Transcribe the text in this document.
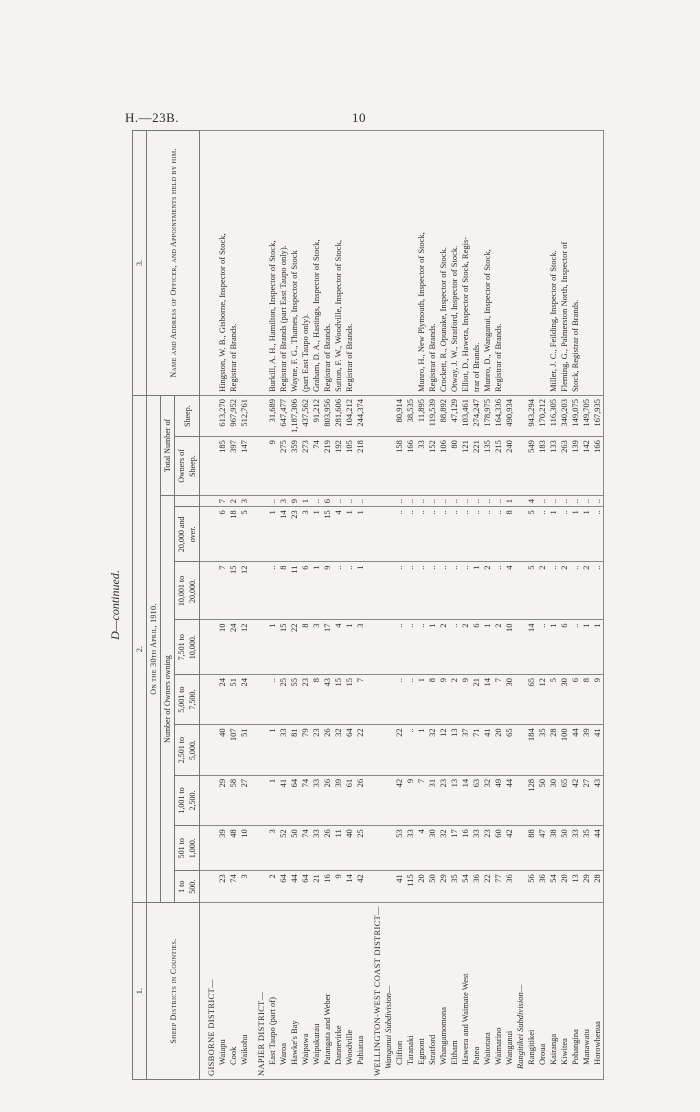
H.—23B.	10
D—continued.
1.	2.											3.
Sheep Districts in Counties.	On the 30th April, 1910.											Name and Address of Officer, and Appointments held by him.
	Number of Owners owning									Total Number of		
	1 to 500.	501 to 1,000.	1,001 to 2,500.	2,501 to 5,000.	5,001 to 7,500.	7,501 to 10,000.	10,001 to 20,000.	20,000 and over.		Owners of Sheep.	Sheep.	
GISBORNE DISTRICT—												
Waiapu	23	39	29	40	24	10	7	6	7	185	613,270	Hingston, W. B., Gisborne, Inspector of Stock,
Cook	74	48	58	107	51	24	15	18	2	397	967,952	Registrar of Brands.
Waikohu	3	10	27	51	24	12	12	5	3	147	512,761	
NAPIER DISTRICT—												
East Taupo (part of)	2	3	1	1	..	1	..	1	..	9	31,689	Burkill, A. H., Hamilton, Inspector of Stock,
Waroa	64	52	41	33	25	15	8	14	3	275	647,477	Registrar of Brands (part East Taupo only).
Hawke's Bay	44	50	64	81	55	22	11	23	9	359	1,187,306	Wayne, F. G., Thames, Inspector of Stock
Waipawa	64	74	74	79	23	8	6	3	1	273	437,562	(part East Taupo only).
Waipukurau	21	33	33	23	8	3	1	1	..	74	91,212	Graham, D. A., Hastings, Inspector of Stock,
Patangata and Weber	16	26	26	26	43	17	9	15	6	219	803,956	Registrar of Brands.
Dannevirke	9	11	39	32	15	4	..	4	..	192	281,606	Sutton, F. W., Woodville, Inspector of Stock,
Woodville	14	40	61	64	15	1	..	1	..	105	104,212	Registrar of Brands.
Pahiatua	42	25	26	22	7	3	1	1	..	218	244,374	
WELLINGTON-WEST COAST DISTRICT—												
Wanganui Subdivision—												
Clifton	41	53	42	22	..	..	..	..	..	158	80,914	
Taranaki	115	33	9	..	..	..	..	..	..	166	38,535	
Egmont	20	4	7	1	1	..	..	..	..	33	11,895	Munro, H., New Plymouth, Inspector of Stock,
Stratford	50	30	31	32	8	1	..	..	..	152	119,539	Registrar of Brands.
Whangamomona	29	32	23	12	9	2	..	..	..	106	88,892	Crockett, R., Opunake, Inspector of Stock.
Eltham	35	17	13	13	2	..	..	..	..	80	47,129	Otway, J. W., Stratford, Inspector of Stock.
Hawera and Waimate West	54	16	14	37	9	2	..	..	..	121	103,461	Elliot, D., Hawera, Inspector of Stock, Regis-
Patea	36	33	63	71	21	6	1	..	..	221	274,247	trar of Brands.
Waitotara	22	23	32	41	14	1	2	..	..	135	178,975	Munro, D., Wanganui, Inspector of Stock,
Waimarino	77	60	49	20	7	2	..	..	..	215	164,336	Registrar of Brands.
Wanganui	36	42	44	65	30	10	4	8	1	240	490,934	
Rangitikei Subdivision—												
Rangitikei	56	88	128	184	65	14	5	5	4	549	943,294	
Oroua	36	47	50	35	12	..	2	..	..	183	170,212	
Kairanga	54	38	30	28	5	1	..	1	..	133	116,305	Miller, J. C., Feilding, Inspector of Stock.
Kiwitea	20	50	65	100	30	6	2	..	..	263	340,203	Fleming, G., Palmerston North, Inspector of
Pohangina	13	33	42	44	6	..	..	1	..	139	149,075	Stock, Registrar of Brands.
Manawatu	29	35	27	39	8	1	2	1	..	142	149,705	
Horowhenua	28	44	43	41	9	1	..	..	..	166	167,935	
